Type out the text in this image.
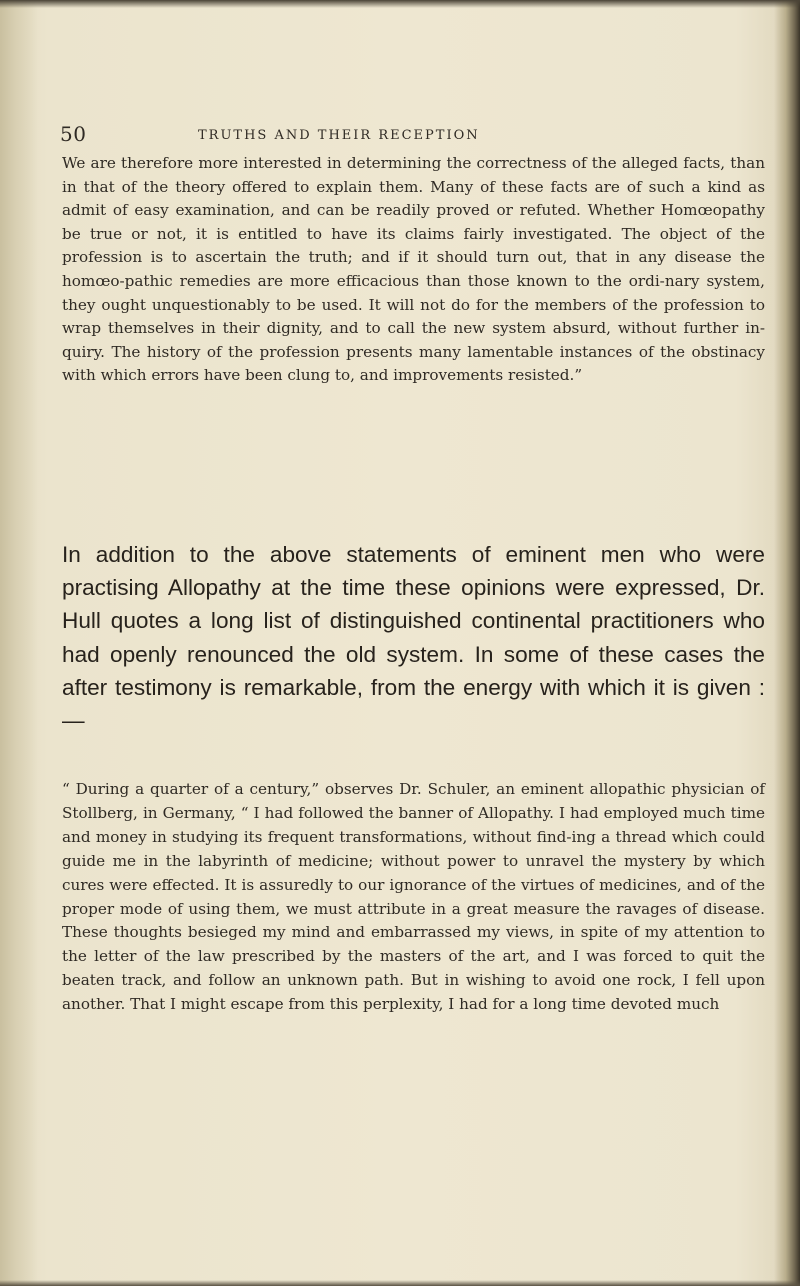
50	TRUTHS AND THEIR RECEPTION

We are therefore more interested in determining the correctness of the alleged facts, than in that of the theory offered to explain them. Many of these facts are of such a kind as admit of easy examination, and can be readily proved or refuted. Whether Homœopathy be true or not, it is entitled to have its claims fairly investigated. The object of the profession is to ascertain the truth; and if it should turn out, that in any disease the homœo-pathic remedies are more efficacious than those known to the ordi-nary system, they ought unquestionably to be used. It will not do for the members of the profession to wrap themselves in their dignity, and to call the new system absurd, without further in-quiry. The history of the profession presents many lamentable instances of the obstinacy with which errors have been clung to, and improvements resisted.”

In addition to the above statements of eminent men who were practising Allopathy at the time these opinions were expressed, Dr. Hull quotes a long list of distinguished continental practitioners who had openly renounced the old system. In some of these cases the after testimony is remarkable, from the energy with which it is given :—

“ During a quarter of a century,” observes Dr. Schuler, an eminent allopathic physician of Stollberg, in Germany, “ I had followed the banner of Allopathy. I had employed much time and money in studying its frequent transformations, without find-ing a thread which could guide me in the labyrinth of medicine; without power to unravel the mystery by which cures were effected. It is assuredly to our ignorance of the virtues of medicines, and of the proper mode of using them, we must attribute in a great measure the ravages of disease. These thoughts besieged my mind and embarrassed my views, in spite of my attention to the letter of the law prescribed by the masters of the art, and I was forced to quit the beaten track, and follow an unknown path. But in wishing to avoid one rock, I fell upon another. That I might escape from this perplexity, I had for a long time devoted much
